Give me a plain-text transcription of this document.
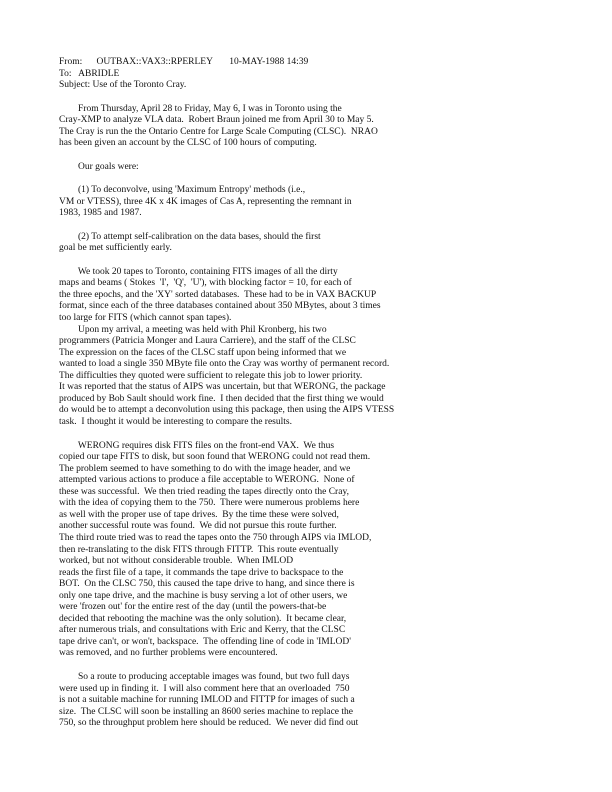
From:      OUTBAX::VAX3::RPERLEY       10-MAY-1988 14:39
To:   ABRIDLE
Subject: Use of the Toronto Cray.
From Thursday, April 28 to Friday, May 6, I was in Toronto using the
Cray-XMP to analyze VLA data.  Robert Braun joined me from April 30 to May 5.
The Cray is run the the Ontario Centre for Large Scale Computing (CLSC).  NRAO
has been given an account by the CLSC of 100 hours of computing.
Our goals were:
(1) To deconvolve, using 'Maximum Entropy' methods (i.e.,
VM or VTESS), three 4K x 4K images of Cas A, representing the remnant in
1983, 1985 and 1987.
(2) To attempt self-calibration on the data bases, should the first
goal be met sufficiently early.
We took 20 tapes to Toronto, containing FITS images of all the dirty
maps and beams ( Stokes  'I',  'Q',  'U'), with blocking factor = 10, for each of
the three epochs, and the 'XY' sorted databases.  These had to be in VAX BACKUP
format, since each of the three databases contained about 350 MBytes, about 3 times
too large for FITS (which cannot span tapes).
Upon my arrival, a meeting was held with Phil Kronberg, his two
programmers (Patricia Monger and Laura Carriere), and the staff of the CLSC
The expression on the faces of the CLSC staff upon being informed that we
wanted to load a single 350 MByte file onto the Cray was worthy of permanent record.
The difficulties they quoted were sufficient to relegate this job to lower priority.
It was reported that the status of AIPS was uncertain, but that WERONG, the package
produced by Bob Sault should work fine.  I then decided that the first thing we would
do would be to attempt a deconvolution using this package, then using the AIPS VTESS
task.  I thought it would be interesting to compare the results.
WERONG requires disk FITS files on the front-end VAX.  We thus
copied our tape FITS to disk, but soon found that WERONG could not read them.
The problem seemed to have something to do with the image header, and we
attempted various actions to produce a file acceptable to WERONG.  None of
these was successful.  We then tried reading the tapes directly onto the Cray,
with the idea of copying them to the 750.  There were numerous problems here
as well with the proper use of tape drives.  By the time these were solved,
another successful route was found.  We did not pursue this route further.
The third route tried was to read the tapes onto the 750 through AIPS via IMLOD,
then re-translating to the disk FITS through FITTP.  This route eventually
worked, but not without considerable trouble.  When IMLOD
reads the first file of a tape, it commands the tape drive to backspace to the
BOT.  On the CLSC 750, this caused the tape drive to hang, and since there is
only one tape drive, and the machine is busy serving a lot of other users, we
were 'frozen out' for the entire rest of the day (until the powers-that-be
decided that rebooting the machine was the only solution).  It became clear,
after numerous trials, and consultations with Eric and Kerry, that the CLSC
tape drive can't, or won't, backspace.  The offending line of code in 'IMLOD'
was removed, and no further problems were encountered.
So a route to producing acceptable images was found, but two full days
were used up in finding it.  I will also comment here that an overloaded  750
is not a suitable machine for running IMLOD and FITTP for images of such a
size.  The CLSC will soon be installing an 8600 series machine to replace the
750, so the throughput problem here should be reduced.  We never did find out
